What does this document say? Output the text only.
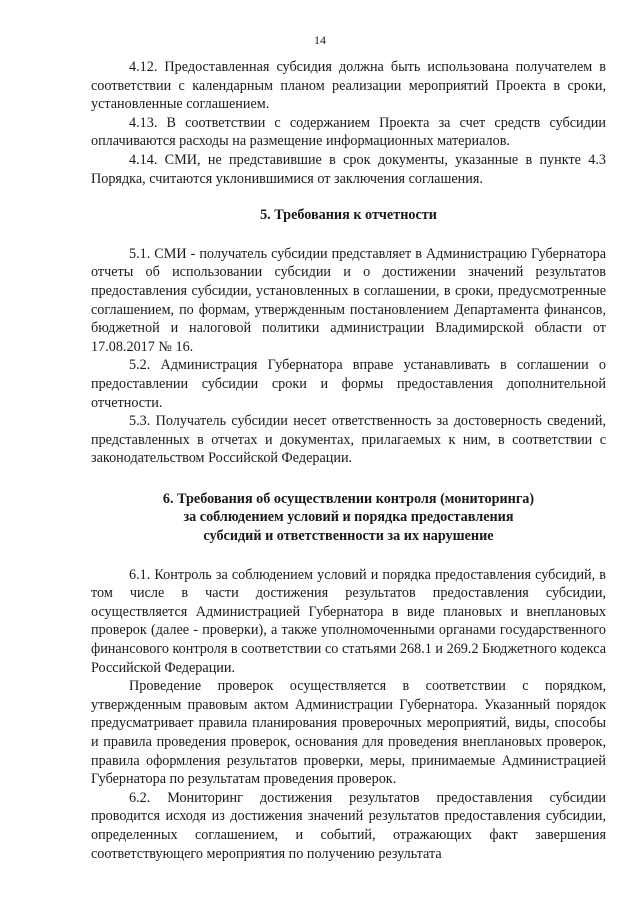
14

4.12. Предоставленная субсидия должна быть использована получателем в соответствии с календарным планом реализации мероприятий Проекта в сроки, установленные соглашением.

4.13. В соответствии с содержанием Проекта за счет средств субсидии оплачиваются расходы на размещение информационных материалов.

4.14. СМИ, не представившие в срок документы, указанные в пункте 4.3 Порядка, считаются уклонившимися от заключения соглашения.

5. Требования к отчетности

5.1. СМИ - получатель субсидии представляет в Администрацию Губернатора отчеты об использовании субсидии и о достижении значений результатов предоставления субсидии, установленных в соглашении, в сроки, предусмотренные соглашением, по формам, утвержденным постановлением Департамента финансов, бюджетной и налоговой политики администрации Владимирской области от 17.08.2017 № 16.

5.2. Администрация Губернатора вправе устанавливать в соглашении о предоставлении субсидии сроки и формы предоставления дополнительной отчетности.

5.3. Получатель субсидии несет ответственность за достоверность сведений, представленных в отчетах и документах, прилагаемых к ним, в соответствии с законодательством Российской Федерации.

6. Требования об осуществлении контроля (мониторинга)

за соблюдением условий и порядка предоставления

субсидий и ответственности за их нарушение

6.1. Контроль за соблюдением условий и порядка предоставления субсидий, в том числе в части достижения результатов предоставления субсидии, осуществляется Администрацией Губернатора в виде плановых и внеплановых проверок (далее - проверки), а также уполномоченными органами государственного финансового контроля в соответствии со статьями 268.1 и 269.2 Бюджетного кодекса Российской Федерации.

Проведение проверок осуществляется в соответствии с порядком, утвержденным правовым актом Администрации Губернатора. Указанный порядок предусматривает правила планирования проверочных мероприятий, виды, способы и правила проведения проверок, основания для проведения внеплановых проверок, правила оформления результатов проверки, меры, принимаемые Администрацией Губернатора по результатам проведения проверок.

6.2. Мониторинг достижения результатов предоставления субсидии проводится исходя из достижения значений результатов предоставления субсидии, определенных соглашением, и событий, отражающих факт завершения соответствующего мероприятия по получению результата
